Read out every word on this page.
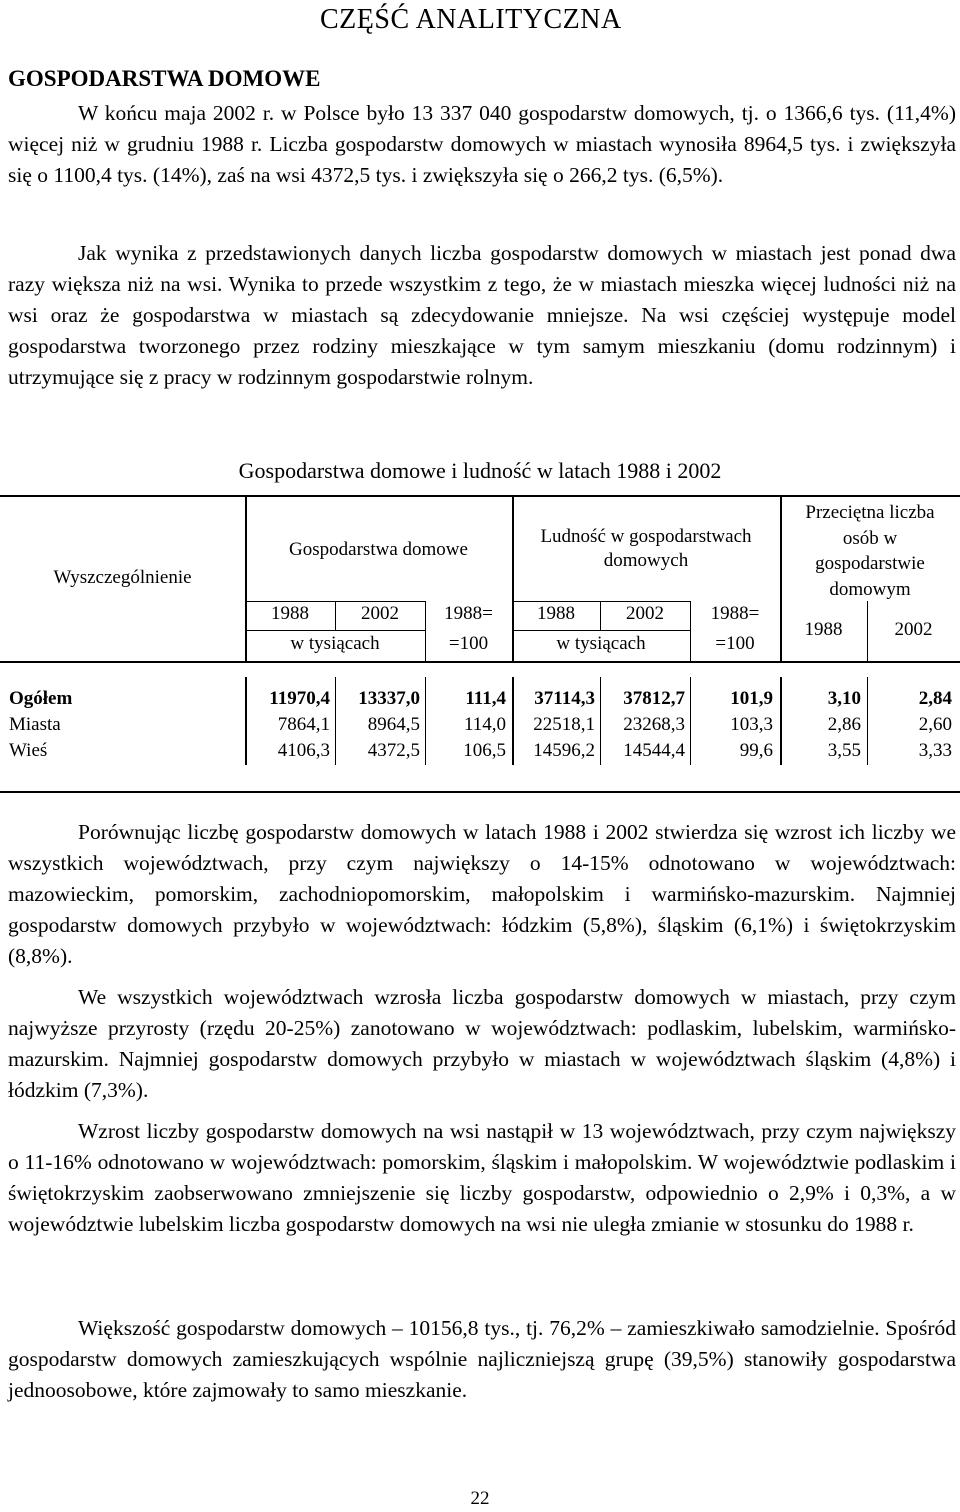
CZĘŚĆ ANALITYCZNA
GOSPODARSTWA DOMOWE
W końcu maja 2002 r. w Polsce było 13 337 040 gospodarstw domowych, tj. o 1366,6 tys. (11,4%) więcej niż w grudniu 1988 r. Liczba gospodarstw domowych w miastach wynosiła 8964,5 tys. i zwiększyła się o 1100,4 tys. (14%), zaś na wsi 4372,5 tys. i zwiększyła się o 266,2 tys. (6,5%).
Jak wynika z przedstawionych danych liczba gospodarstw domowych w miastach jest ponad dwa razy większa niż na wsi. Wynika to przede wszystkim z tego, że w miastach mieszka więcej ludności niż na wsi oraz że gospodarstwa w miastach są zdecydowanie mniejsze. Na wsi częściej występuje model gospodarstwa tworzonego przez rodziny mieszkające w tym samym mieszkaniu (domu rodzinnym) i utrzymujące się z pracy w rodzinnym gospodarstwie rolnym.
Gospodarstwa domowe i ludność w latach 1988 i 2002
Wyszczególnienie
Gospodarstwa domowe
Ludność w gospodarstwach domowych
Przeciętna liczba osób w gospodarstwie domowym
1988	2002
w tysiącach
1988=
=100
1988	2002
w tysiącach
1988=
=100
1988	2002
Ogółem	11970,4	13337,0	111,4	37114,3	37812,7	101,9	3,10	2,84
Miasta	7864,1	8964,5	114,0	22518,1	23268,3	103,3	2,86	2,60
Wieś	4106,3	4372,5	106,5	14596,2	14544,4	99,6	3,55	3,33
Porównując liczbę gospodarstw domowych w latach 1988 i 2002 stwierdza się wzrost ich liczby we wszystkich województwach, przy czym największy o 14-15% odnotowano w województwach: mazowieckim, pomorskim, zachodniopomorskim, małopolskim i warmińsko-mazurskim. Najmniej gospodarstw domowych przybyło w województwach: łódzkim (5,8%), śląskim (6,1%) i świętokrzyskim (8,8%).
We wszystkich województwach wzrosła liczba gospodarstw domowych w miastach, przy czym najwyższe przyrosty (rzędu 20-25%) zanotowano w województwach: podlaskim, lubelskim, warmińsko-mazurskim. Najmniej gospodarstw domowych przybyło w miastach w województwach śląskim (4,8%) i łódzkim (7,3%).
Wzrost liczby gospodarstw domowych na wsi nastąpił w 13 województwach, przy czym największy o 11-16% odnotowano w województwach: pomorskim, śląskim i małopolskim. W województwie podlaskim i świętokrzyskim zaobserwowano zmniejszenie się liczby gospodarstw, odpowiednio o 2,9% i 0,3%, a w województwie lubelskim liczba gospodarstw domowych na wsi nie uległa zmianie w stosunku do 1988 r.
Większość gospodarstw domowych – 10156,8 tys., tj. 76,2% – zamieszkiwało samodzielnie. Spośród gospodarstw domowych zamieszkujących wspólnie najliczniejszą grupę (39,5%) stanowiły gospodarstwa jednoosobowe, które zajmowały to samo mieszkanie.
22
